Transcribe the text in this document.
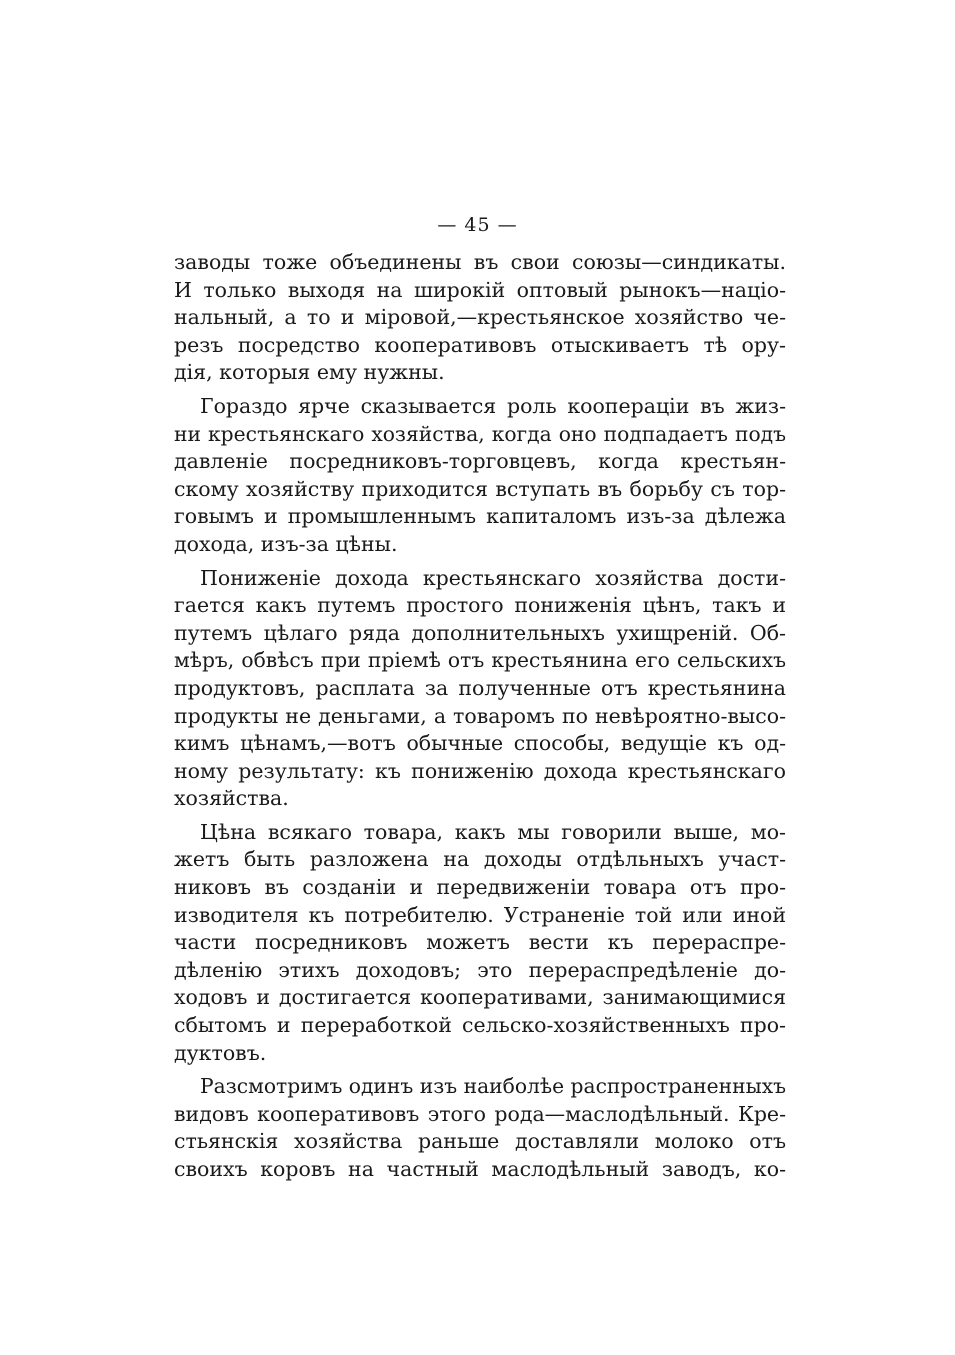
— 45 —
заводы тоже объединены въ свои союзы—синдикаты.
И только выходя на широкій оптовый рынокъ—націо-
нальный, а то и міровой,—крестьянское хозяйство че-
резъ посредство кооперативовъ отыскиваетъ тѣ ору-
дія, которыя ему нужны.
Гораздо ярче сказывается роль кооперацiи въ жиз-
ни крестьянскаго хозяйства, когда оно подпадаетъ подъ
давленіе посредниковъ-торговцевъ, когда крестьян-
скому хозяйству приходится вступать въ борьбу съ тор-
говымъ и промышленнымъ капиталомъ изъ-за дѣлежа
дохода, изъ-за цѣны.
Пониженіе дохода крестьянскаго хозяйства дости-
гается какъ путемъ простого пониженія цѣнъ, такъ и
путемъ цѣлаго ряда дополнительныхъ ухищреній. Об-
мѣръ, обвѣсъ при пріемѣ отъ крестьянина его сельскихъ
продуктовъ, расплата за полученные отъ крестьянина
продукты не деньгами, а товаромъ по невѣроятно-высо-
кимъ цѣнамъ,—вотъ обычные способы, ведущіе къ од-
ному результату: къ пониженію дохода крестьянскаго
хозяйства.
Цѣна всякаго товара, какъ мы говорили выше, мо-
жетъ быть разложена на доходы отдѣльныхъ участ-
никовъ въ созданіи и передвиженіи товара отъ про-
изводителя къ потребителю. Устраненіе той или иной
части посредниковъ можетъ вести къ перераспре-
дѣленію этихъ доходовъ; это перераспредѣленіе до-
ходовъ и достигается кооперативами, занимающимися
сбытомъ и переработкой сельско-хозяйственныхъ про-
дуктовъ.
Разсмотримъ одинъ изъ наиболѣе распространенныхъ
видовъ кооперативовъ этого рода—маслодѣльный. Кре-
стьянскія хозяйства раньше доставляли молоко отъ
своихъ коровъ на частный маслодѣльный заводъ, ко-
